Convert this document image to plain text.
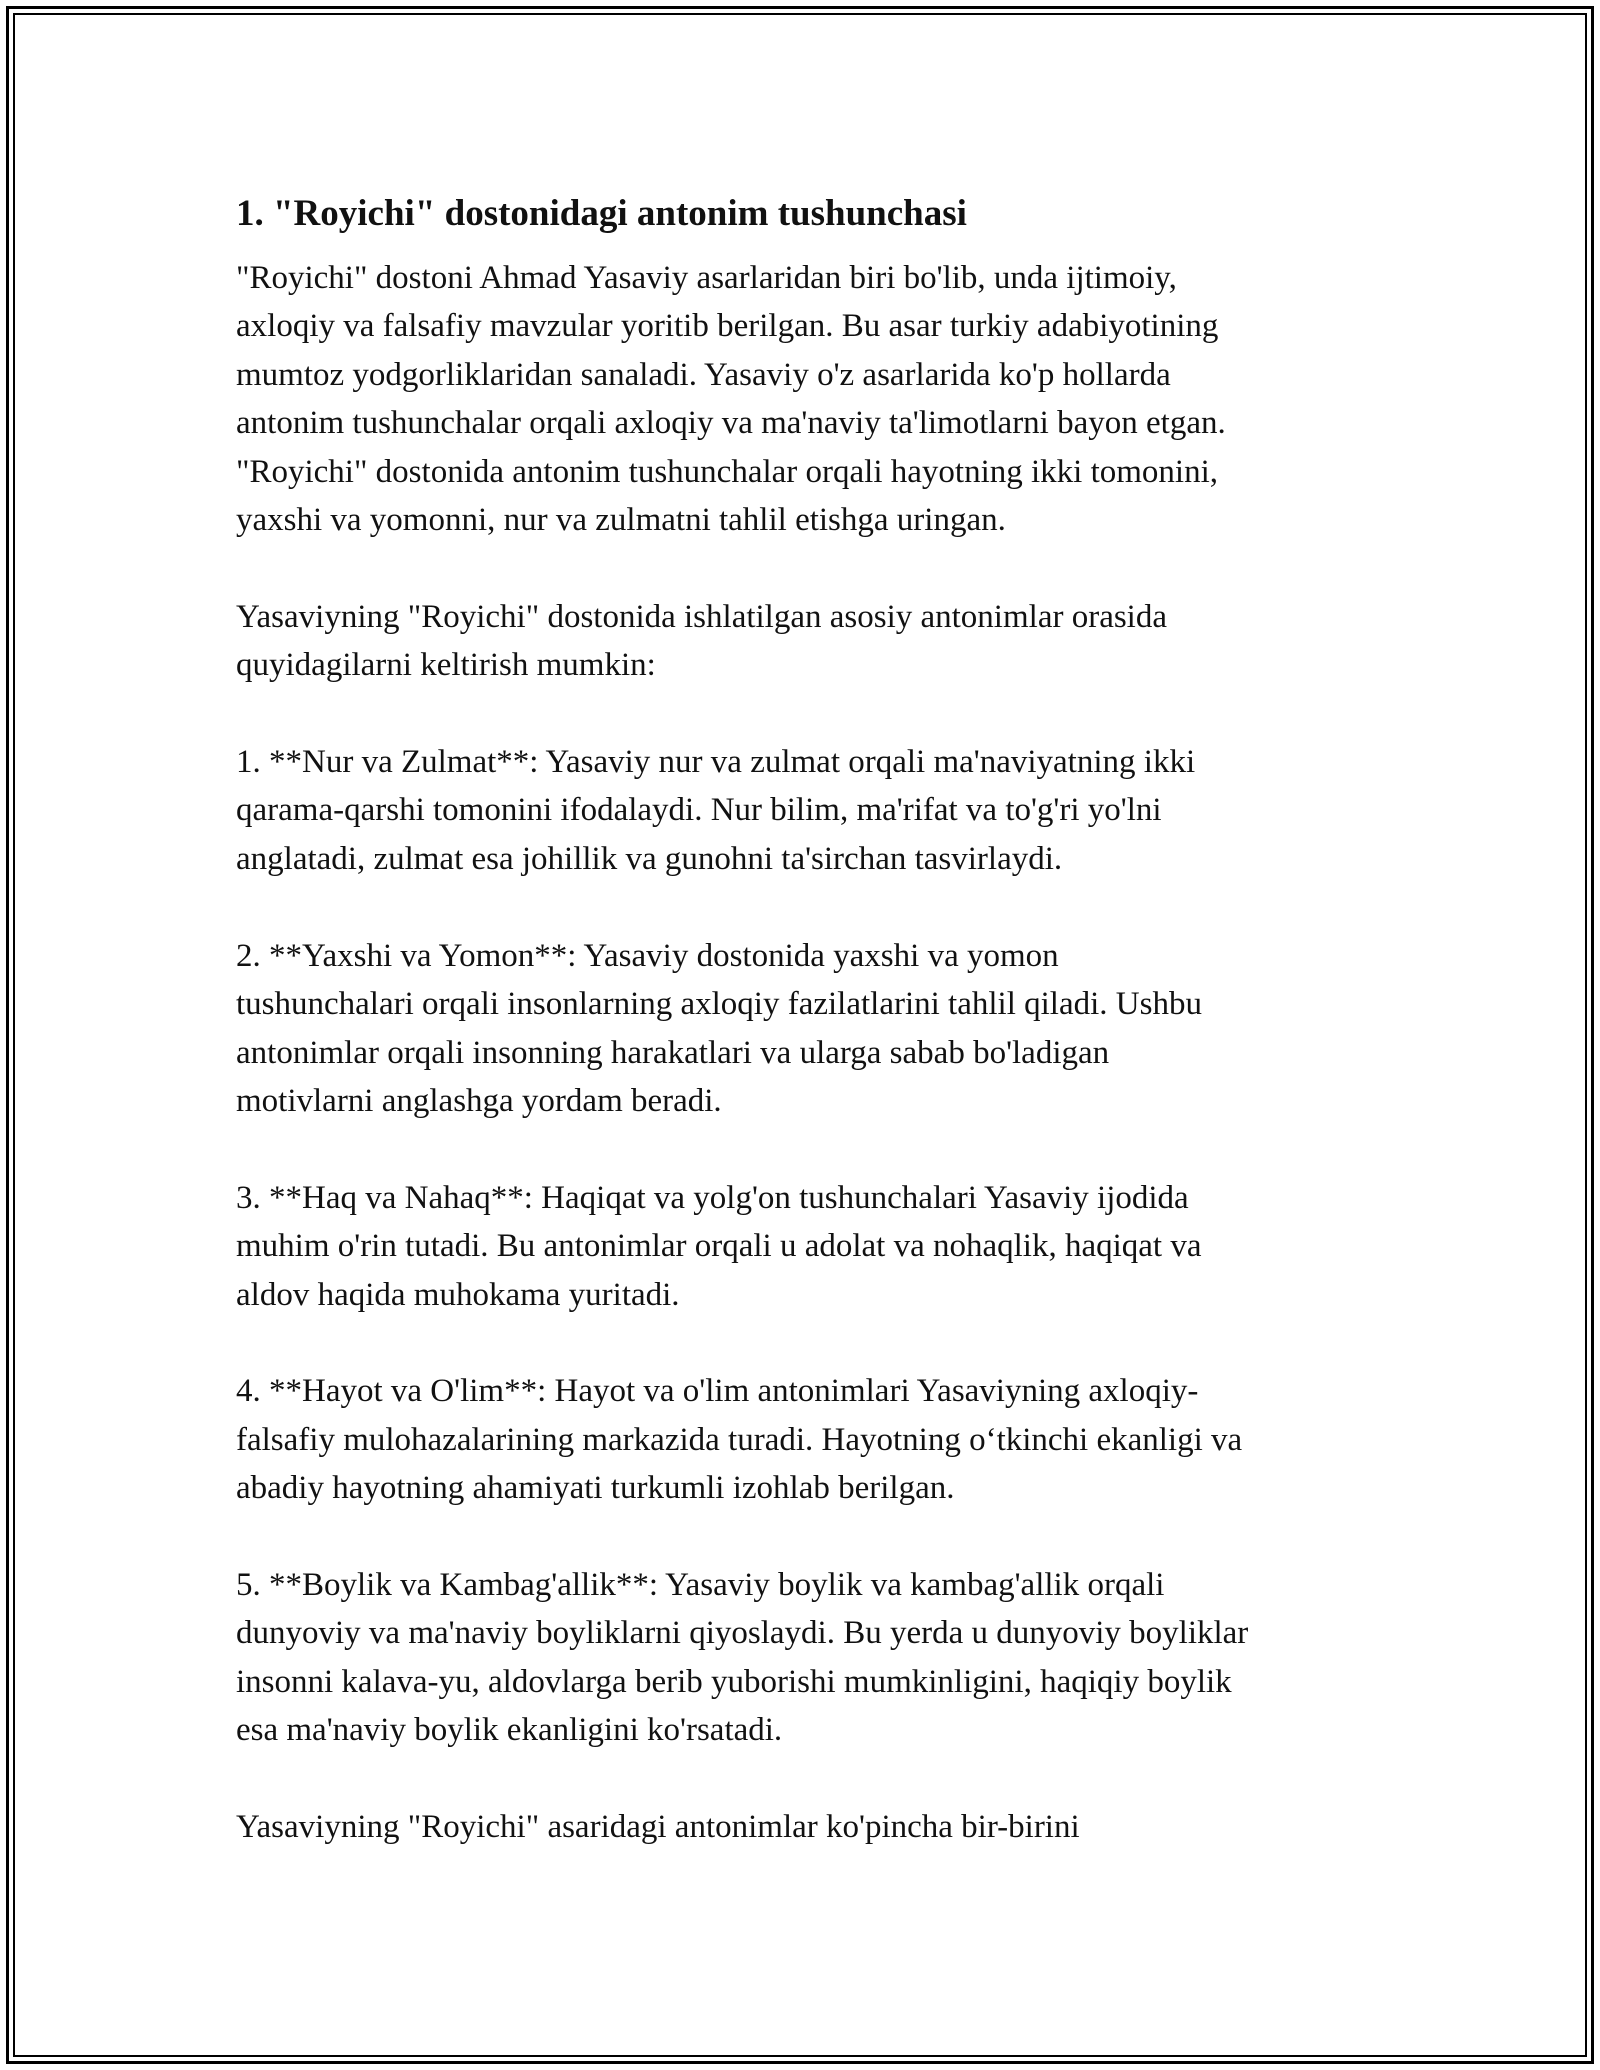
1. "Royichi" dostonidagi antonim tushunchasi

"Royichi" dostoni Ahmad Yasaviy asarlaridan biri bo'lib, unda ijtimoiy,
axloqiy va falsafiy mavzular yoritib berilgan. Bu asar turkiy adabiyotining
mumtoz yodgorliklaridan sanaladi. Yasaviy o'z asarlarida ko'p hollarda
antonim tushunchalar orqali axloqiy va ma'naviy ta'limotlarni bayon etgan.
"Royichi" dostonida antonim tushunchalar orqali hayotning ikki tomonini,
yaxshi va yomonni, nur va zulmatni tahlil etishga uringan.

Yasaviyning "Royichi" dostonida ishlatilgan asosiy antonimlar orasida
quyidagilarni keltirish mumkin:

1. **Nur va Zulmat**: Yasaviy nur va zulmat orqali ma'naviyatning ikki
qarama-qarshi tomonini ifodalaydi. Nur bilim, ma'rifat va to'g'ri yo'lni
anglatadi, zulmat esa johillik va gunohni ta'sirchan tasvirlaydi.

2. **Yaxshi va Yomon**: Yasaviy dostonida yaxshi va yomon
tushunchalari orqali insonlarning axloqiy fazilatlarini tahlil qiladi. Ushbu
antonimlar orqali insonning harakatlari va ularga sabab bo'ladigan
motivlarni anglashga yordam beradi.

3. **Haq va Nahaq**: Haqiqat va yolg'on tushunchalari Yasaviy ijodida
muhim o'rin tutadi. Bu antonimlar orqali u adolat va nohaqlik, haqiqat va
aldov haqida muhokama yuritadi.

4. **Hayot va O'lim**: Hayot va o'lim antonimlari Yasaviyning axloqiy-
falsafiy mulohazalarining markazida turadi. Hayotning o‘tkinchi ekanligi va
abadiy hayotning ahamiyati turkumli izohlab berilgan.

5. **Boylik va Kambag'allik**: Yasaviy boylik va kambag'allik orqali
dunyoviy va ma'naviy boyliklarni qiyoslaydi. Bu yerda u dunyoviy boyliklar
insonni kalava-yu, aldovlarga berib yuborishi mumkinligini, haqiqiy boylik
esa ma'naviy boylik ekanligini ko'rsatadi.

Yasaviyning "Royichi" asaridagi antonimlar ko'pincha bir-birini
